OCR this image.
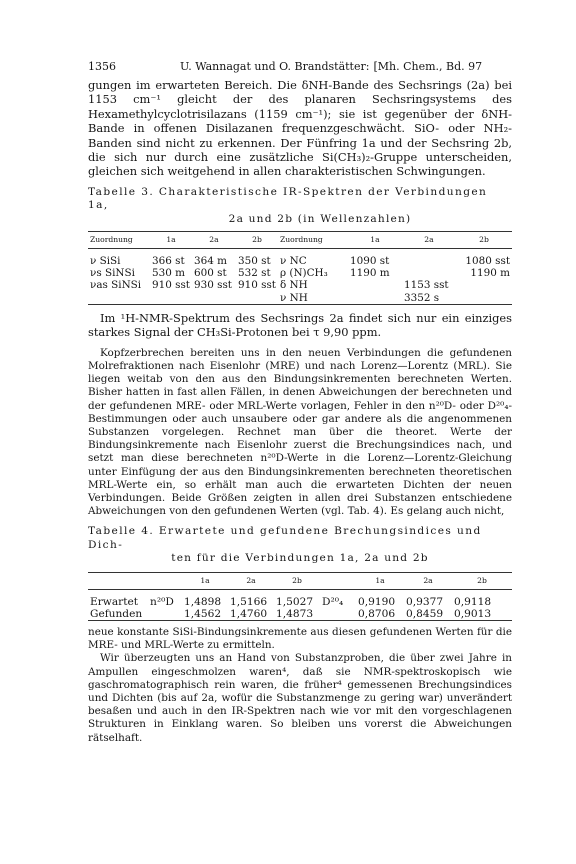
1356	U. Wannagat und O. Brandstätter: [Mh. Chem., Bd. 97

gungen im erwarteten Bereich. Die δNH-Bande des Sechsrings (2a) bei 1153 cm⁻¹ gleicht der des planaren Sechsringsystems des Hexamethylcyclotrisilazans (1159 cm⁻¹); sie ist gegenüber der δNH-Bande in offenen Disilazanen frequenzgeschwächt. SiO- oder NH₂-Banden sind nicht zu erkennen. Der Fünfring 1a und der Sechsring 2b, die sich nur durch eine zusätzliche Si(CH₃)₂-Gruppe unterscheiden, gleichen sich weitgehend in allen charakteristischen Schwingungen.

Tabelle 3. Charakteristische IR-Spektren der Verbindungen 1a,
2a und 2b (in Wellenzahlen)
Zuordnung	1a	2a	2b	Zuordnung	1a	2a	2b

ν SiSi	366 st	364 m	350 st	ν NC	1090 st		1080 sst
νs SiNSi	530 m	600 st	532 st	ρ (N)CH₃	1190 m		1190 m
νas SiNSi	910 sst	930 sst	910 sst	δ NH		1153 sst	
				ν NH		3352 s	

Im ¹H-NMR-Spektrum des Sechsrings 2a findet sich nur ein einziges starkes Signal der CH₃Si-Protonen bei τ 9,90 ppm.

Kopfzerbrechen bereiten uns in den neuen Verbindungen die gefundenen Molrefraktionen nach Eisenlohr (MRE) und nach Lorenz—Lorentz (MRL). Sie liegen weitab von den aus den Bindungsinkrementen berechneten Werten. Bisher hatten in fast allen Fällen, in denen Abweichungen der berechneten und der gefundenen MRE- oder MRL-Werte vorlagen, Fehler in den n²⁰D- oder D²⁰₄-Bestimmungen oder auch unsaubere oder gar andere als die angenommenen Substanzen vorgelegen. Rechnet man über die theoret. Werte der Bindungsinkremente nach Eisenlohr zuerst die Brechungsindices nach, und setzt man diese berechneten n²⁰D-Werte in die Lorenz—Lorentz-Gleichung unter Einfügung der aus den Bindungsinkrementen berechneten theoretischen MRL-Werte ein, so erhält man auch die erwarteten Dichten der neuen Verbindungen. Beide Größen zeigten in allen drei Substanzen entschiedene Abweichungen von den gefundenen Werten (vgl. Tab. 4). Es gelang auch nicht,

Tabelle 4. Erwartete und gefundene Brechungsindices und Dich-
ten für die Verbindungen 1a, 2a und 2b
		1a	2a	2b		1a	2a	2b

Erwartet	n²⁰D	1,4898	1,5166	1,5027	D²⁰₄	0,9190	0,9377	0,9118
Gefunden		1,4562	1,4760	1,4873		0,8706	0,8459	0,9013

neue konstante SiSi-Bindungsinkremente aus diesen gefundenen Werten für die MRE- und MRL-Werte zu ermitteln.

Wir überzeugten uns an Hand von Substanzproben, die über zwei Jahre in Ampullen eingeschmolzen waren⁴, daß sie NMR-spektroskopisch wie gaschromatographisch rein waren, die früher⁴ gemessenen Brechungsindices und Dichten (bis auf 2a, wofür die Substanzmenge zu gering war) unverändert besaßen und auch in den IR-Spektren nach wie vor mit den vorgeschlagenen Strukturen in Einklang waren. So bleiben uns vorerst die Abweichungen rätselhaft.
